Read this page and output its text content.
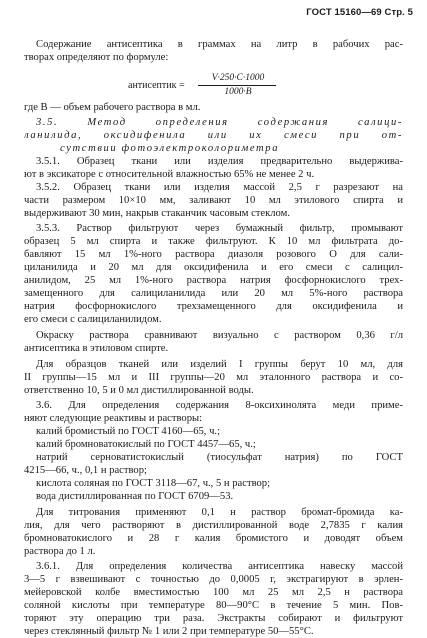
ГОСТ 15160—69 Стр. 5
Содержание антисептика в граммах на литр в рабочих рас-
творах определяют по формуле:
антисептик =
V·250·C·1000
1000·B
где B — объем рабочего раствора в мл.
3.5. Метод определения содержания салици-
ланилида, оксидифенила или их смеси при от-
сутствии фотоэлектроколориметра
3.5.1. Образец ткани или изделия предварительно выдержива-
ют в эксикаторе с относительной влажностью 65% не менее 2 ч.
3.5.2. Образец ткани или изделия массой 2,5 г разрезают на
части размером 10×10 мм, заливают 10 мл этилового спирта и
выдерживают 30 мин, накрыв стаканчик часовым стеклом.
3.5.3. Раствор фильтруют через бумажный фильтр, промывают
образец 5 мл спирта и также фильтруют. К 10 мл фильтрата до-
бавляют 15 мл 1%-ного раствора диазоля розового О для сали-
циланилида и 20 мл для оксидифенила и его смеси с салицил-
анилидом, 25 мл 1%-ного раствора натрия фосфорнокислого трех-
замещенного для салициланилида или 20 мл 5%-ного раствора
натрия фосфорнокислого трехзамещенного для оксидифенила и
его смеси с салициланилидом.
Окраску раствора сравнивают визуально с раствором 0,36 г/л
антисептика в этиловом спирте.
Для образцов тканей или изделий I группы берут 10 мл, для
II группы—15 мл и III группы—20 мл эталонного раствора и со-
ответственно 10, 5 и 0 мл дистиллированной воды.
3.6. Для определения содержания 8-оксихинолята меди приме-
няют следующие реактивы и растворы:
калий бромистый по ГОСТ 4160—65, ч.;
калий бромноватокислый по ГОСТ 4457—65, ч.;
натрий серноватистокислый (тиосульфат натрия) по ГОСТ
4215—66, ч., 0,1 н раствор;
кислота соляная по ГОСТ 3118—67, ч., 5 н раствор;
вода дистиллированная по ГОСТ 6709—53.
Для титрования применяют 0,1 н раствор бромат-бромида ка-
лия, для чего растворяют в дистиллированной воде 2,7835 г калия
бромноватокислого и 28 г калия бромистого и доводят объем
раствора до 1 л.
3.6.1. Для определения количества антисептика навеску массой
3—5 г взвешивают с точностью до 0,0005 г, экстрагируют в эрлен-
мейеровской колбе вместимостью 100 мл 25 мл 2,5 н раствора
соляной кислоты при температуре 80—90°С в течение 5 мин. Пов-
торяют эту операцию три раза. Экстракты собирают и фильтруют
через стеклянный фильтр № 1 или 2 при температуре 50—55°С.
